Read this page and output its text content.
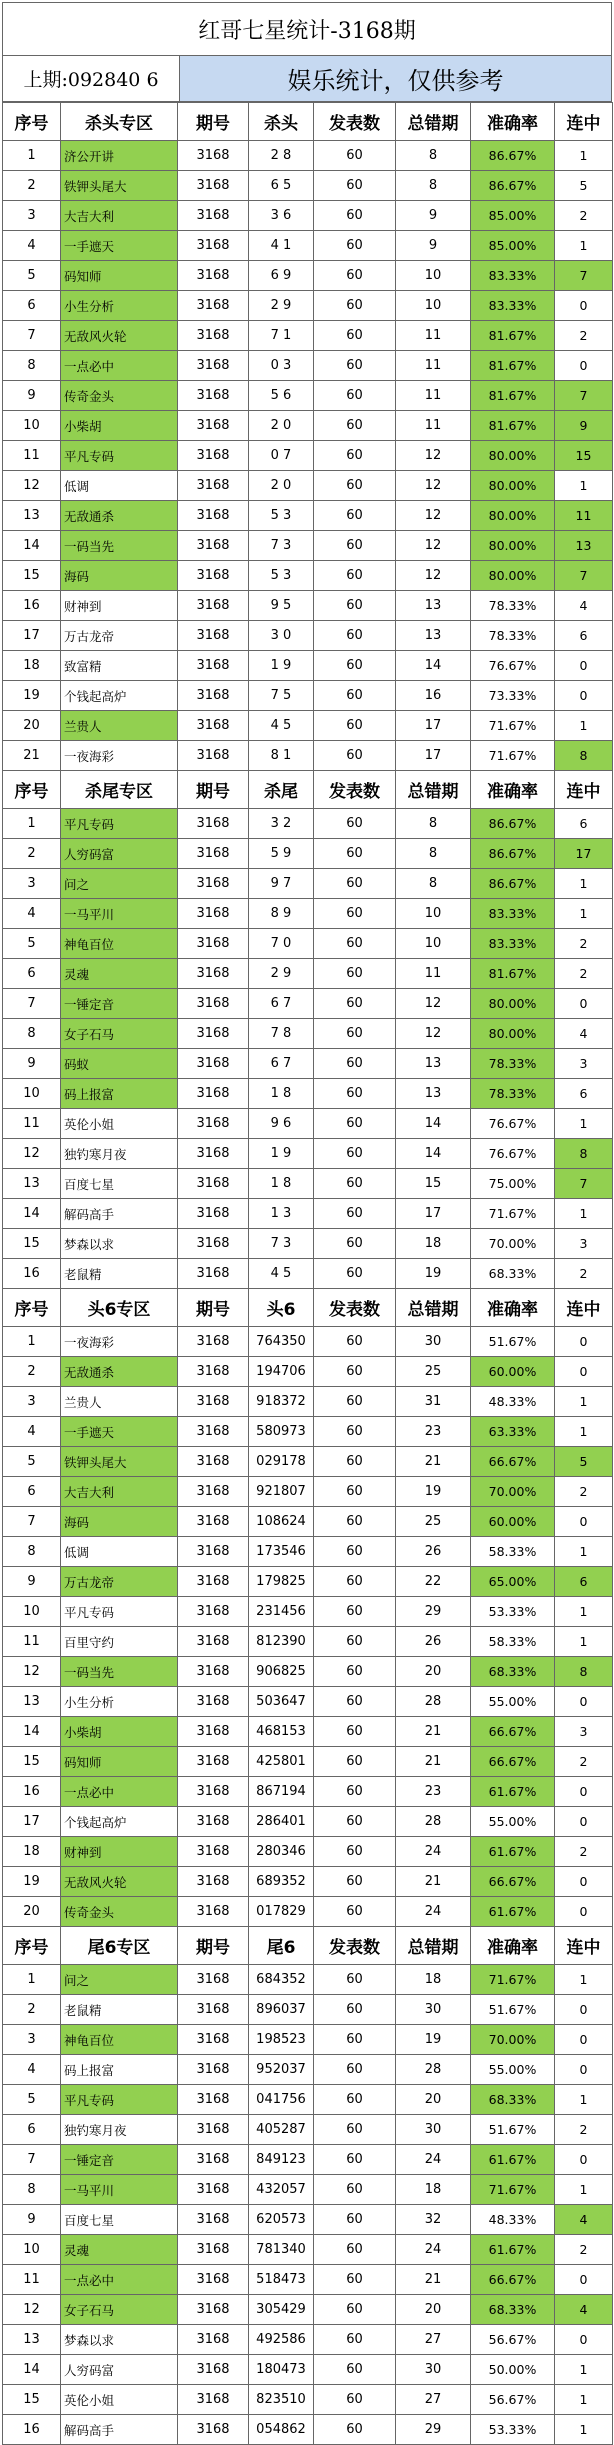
红哥七星统计-3168期
上期:092840 6	娱乐统计，仅供参考
序号	杀头专区	期号	杀头	发表数	总错期	准确率	连中
1	济公开讲	3168	2 8	60	8	86.67%	1
2	铁钾头尾大	3168	6 5	60	8	86.67%	5
3	大吉大利	3168	3 6	60	9	85.00%	2
4	一手遮天	3168	4 1	60	9	85.00%	1
5	码知师	3168	6 9	60	10	83.33%	7
6	小生分析	3168	2 9	60	10	83.33%	0
7	无敌风火轮	3168	7 1	60	11	81.67%	2
8	一点必中	3168	0 3	60	11	81.67%	0
9	传奇金头	3168	5 6	60	11	81.67%	7
10	小柴胡	3168	2 0	60	11	81.67%	9
11	平凡专码	3168	0 7	60	12	80.00%	15
12	低调	3168	2 0	60	12	80.00%	1
13	无敌通杀	3168	5 3	60	12	80.00%	11
14	一码当先	3168	7 3	60	12	80.00%	13
15	海码	3168	5 3	60	12	80.00%	7
16	财神到	3168	9 5	60	13	78.33%	4
17	万古龙帝	3168	3 0	60	13	78.33%	6
18	致富精	3168	1 9	60	14	76.67%	0
19	个钱起高炉	3168	7 5	60	16	73.33%	0
20	兰贵人	3168	4 5	60	17	71.67%	1
21	一夜海彩	3168	8 1	60	17	71.67%	8
序号	杀尾专区	期号	杀尾	发表数	总错期	准确率	连中
1	平凡专码	3168	3 2	60	8	86.67%	6
2	人穷码富	3168	5 9	60	8	86.67%	17
3	问之	3168	9 7	60	8	86.67%	1
4	一马平川	3168	8 9	60	10	83.33%	1
5	神龟百位	3168	7 0	60	10	83.33%	2
6	灵魂	3168	2 9	60	11	81.67%	2
7	一锤定音	3168	6 7	60	12	80.00%	0
8	女子石马	3168	7 8	60	12	80.00%	4
9	码蚁	3168	6 7	60	13	78.33%	3
10	码上报富	3168	1 8	60	13	78.33%	6
11	英伦小姐	3168	9 6	60	14	76.67%	1
12	独钓寒月夜	3168	1 9	60	14	76.67%	8
13	百度七星	3168	1 8	60	15	75.00%	7
14	解码高手	3168	1 3	60	17	71.67%	1
15	梦森以求	3168	7 3	60	18	70.00%	3
16	老鼠精	3168	4 5	60	19	68.33%	2
序号	头6专区	期号	头6	发表数	总错期	准确率	连中
1	一夜海彩	3168	764350	60	30	51.67%	0
2	无敌通杀	3168	194706	60	25	60.00%	0
3	兰贵人	3168	918372	60	31	48.33%	1
4	一手遮天	3168	580973	60	23	63.33%	1
5	铁钾头尾大	3168	029178	60	21	66.67%	5
6	大吉大利	3168	921807	60	19	70.00%	2
7	海码	3168	108624	60	25	60.00%	0
8	低调	3168	173546	60	26	58.33%	1
9	万古龙帝	3168	179825	60	22	65.00%	6
10	平凡专码	3168	231456	60	29	53.33%	1
11	百里守约	3168	812390	60	26	58.33%	1
12	一码当先	3168	906825	60	20	68.33%	8
13	小生分析	3168	503647	60	28	55.00%	0
14	小柴胡	3168	468153	60	21	66.67%	3
15	码知师	3168	425801	60	21	66.67%	2
16	一点必中	3168	867194	60	23	61.67%	0
17	个钱起高炉	3168	286401	60	28	55.00%	0
18	财神到	3168	280346	60	24	61.67%	2
19	无敌风火轮	3168	689352	60	21	66.67%	0
20	传奇金头	3168	017829	60	24	61.67%	0
序号	尾6专区	期号	尾6	发表数	总错期	准确率	连中
1	问之	3168	684352	60	18	71.67%	1
2	老鼠精	3168	896037	60	30	51.67%	0
3	神龟百位	3168	198523	60	19	70.00%	0
4	码上报富	3168	952037	60	28	55.00%	0
5	平凡专码	3168	041756	60	20	68.33%	1
6	独钓寒月夜	3168	405287	60	30	51.67%	2
7	一锤定音	3168	849123	60	24	61.67%	0
8	一马平川	3168	432057	60	18	71.67%	1
9	百度七星	3168	620573	60	32	48.33%	4
10	灵魂	3168	781340	60	24	61.67%	2
11	一点必中	3168	518473	60	21	66.67%	0
12	女子石马	3168	305429	60	20	68.33%	4
13	梦森以求	3168	492586	60	27	56.67%	0
14	人穷码富	3168	180473	60	30	50.00%	1
15	英伦小姐	3168	823510	60	27	56.67%	1
16	解码高手	3168	054862	60	29	53.33%	1
